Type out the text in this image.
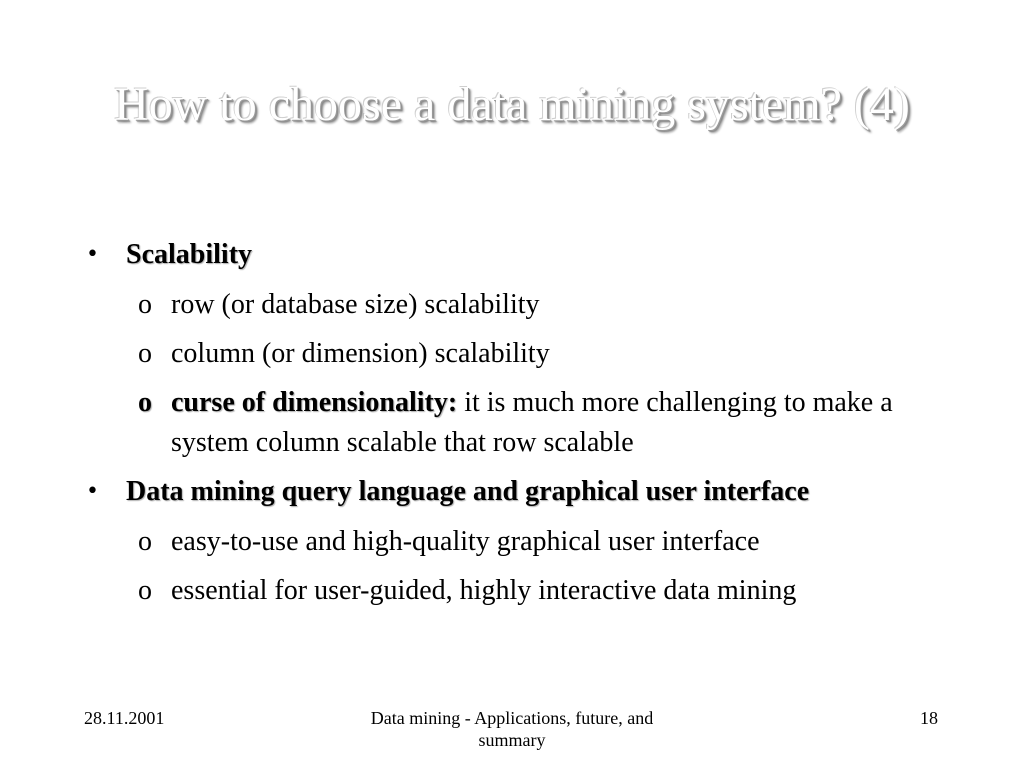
How to choose a data mining system? (4)
• Scalability
o row (or database size) scalability
o column (or dimension) scalability
o curse of dimensionality: it is much more challenging to make a system column scalable that row scalable
• Data mining query language and graphical user interface
o easy-to-use and high-quality graphical user interface
o essential for user-guided, highly interactive data mining
28.11.2001	Data mining - Applications, future, and summary
18
